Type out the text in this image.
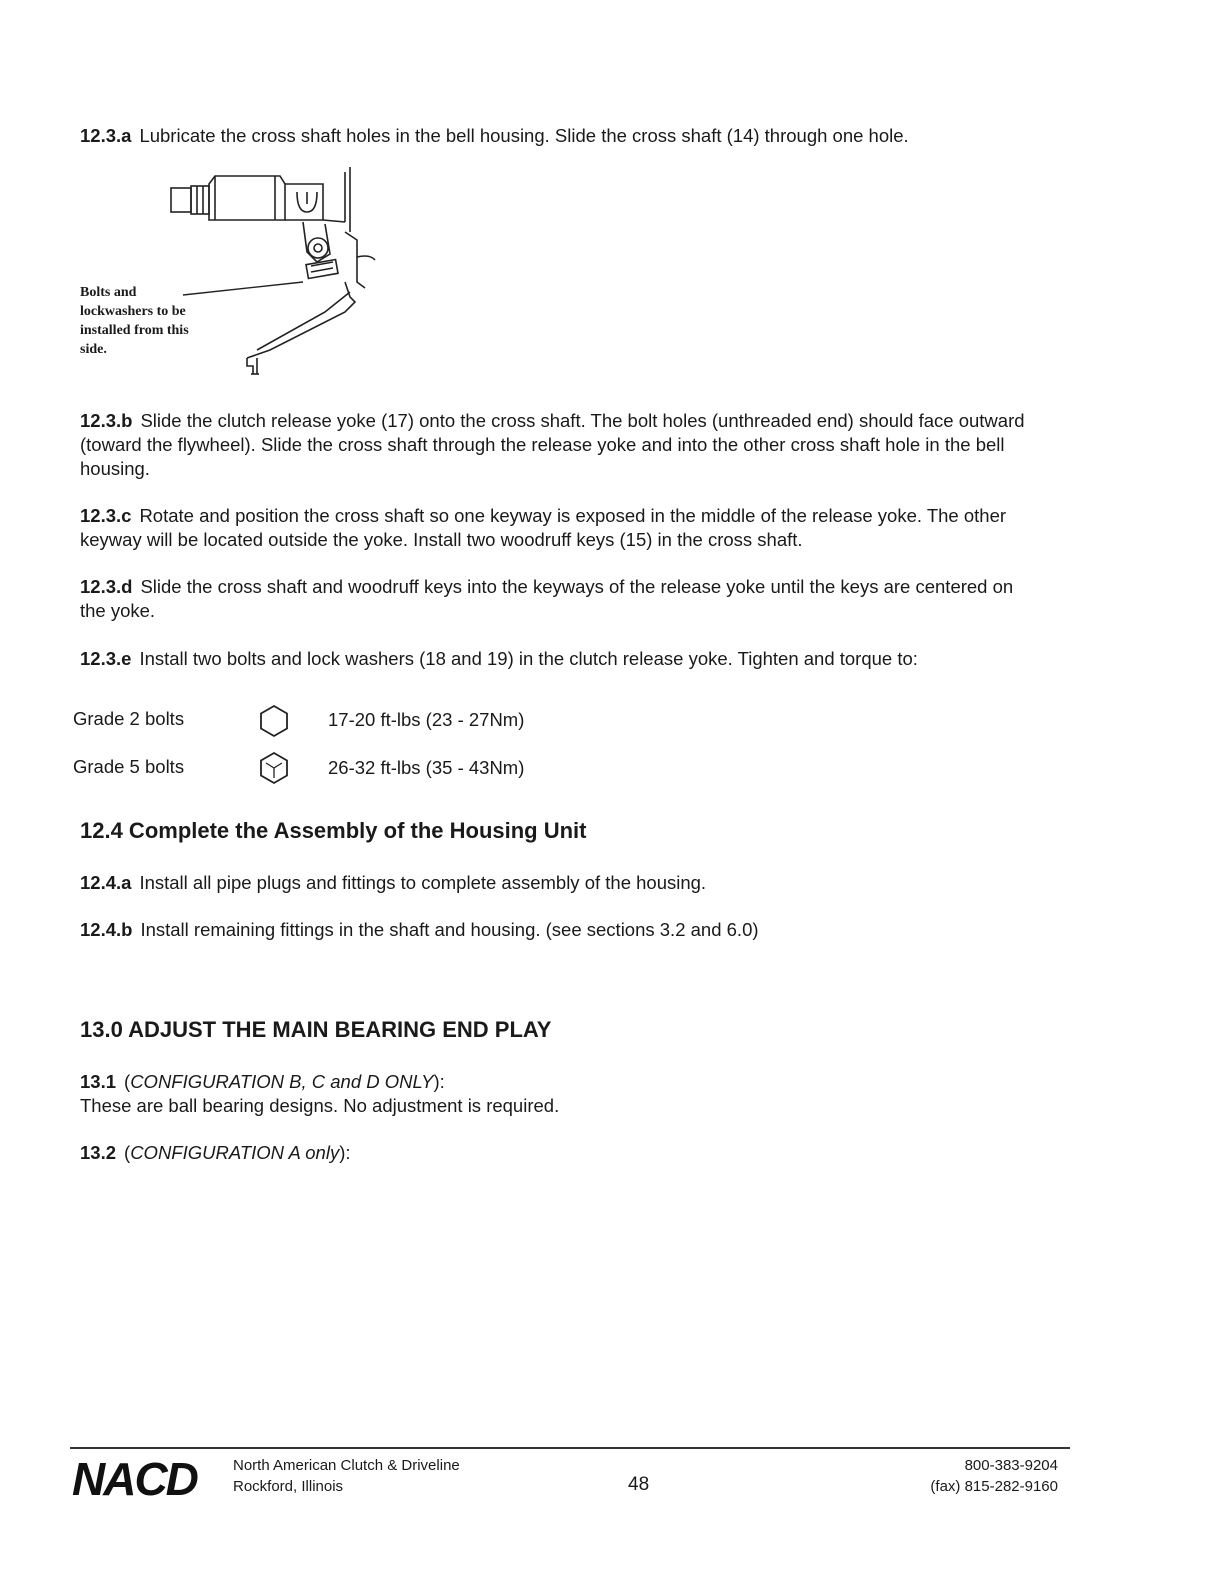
12.3.a Lubricate the cross shaft holes in the bell housing. Slide the cross shaft (14) through one hole.
Bolts and lockwashers to be installed from this side.
12.3.b Slide the clutch release yoke (17) onto the cross shaft. The bolt holes (unthreaded end) should face outward (toward the flywheel). Slide the cross shaft through the release yoke and into the other cross shaft hole in the bell housing.
12.3.c Rotate and position the cross shaft so one keyway is exposed in the middle of the release yoke. The other keyway will be located outside the yoke. Install two woodruff keys (15) in the cross shaft.
12.3.d Slide the cross shaft and woodruff keys into the keyways of the release yoke until the keys are centered on the yoke.
12.3.e Install two bolts and lock washers (18 and 19) in the clutch release yoke. Tighten and torque to:
Grade 2 bolts	17-20 ft-lbs (23 - 27Nm)
Grade 5 bolts	26-32 ft-lbs (35 - 43Nm)
12.4 Complete the Assembly of the Housing Unit
12.4.a Install all pipe plugs and fittings to complete assembly of the housing.
12.4.b Install remaining fittings in the shaft and housing. (see sections 3.2 and 6.0)
13.0 ADJUST THE MAIN BEARING END PLAY
13.1 (CONFIGURATION B, C and D ONLY):
These are ball bearing designs. No adjustment is required.
13.2 (CONFIGURATION A only):
NACD North American Clutch & Driveline
Rockford, Illinois	48
800-383-9204
(fax) 815-282-9160
